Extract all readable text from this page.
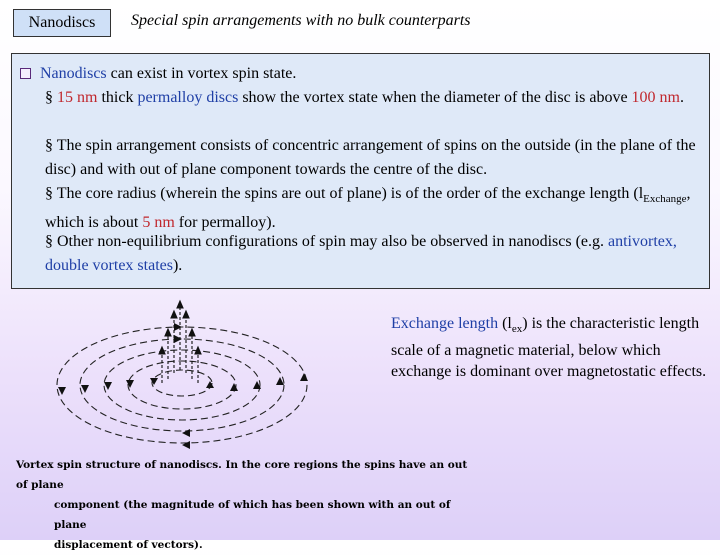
Nanodiscs	Special spin arrangements with no bulk counterparts
Nanodiscs can exist in vortex spin state.
§ 15 nm thick permalloy discs show the vortex state when the diameter of the disc is above 100 nm.
§ The spin arrangement consists of concentric arrangement of spins on the outside (in the plane of the disc) and with out of plane component towards the centre of the disc.
§ The core radius (wherein the spins are out of plane) is of the order of the exchange length ($l_{Exchange}$, which is about 5 nm for permalloy).
§ Other non-equilibrium configurations of spin may also be observed in nanodiscs (e.g. antivortex, double vortex states).
Exchange length $(l_{ex})$ is the characteristic length scale of a magnetic material, below which exchange is dominant over magnetostatic effects.
Vortex spin structure of nanodiscs. In the core regions the spins have an out of plane
component (the magnitude of which has been shown with an out of plane
displacement of vectors).
